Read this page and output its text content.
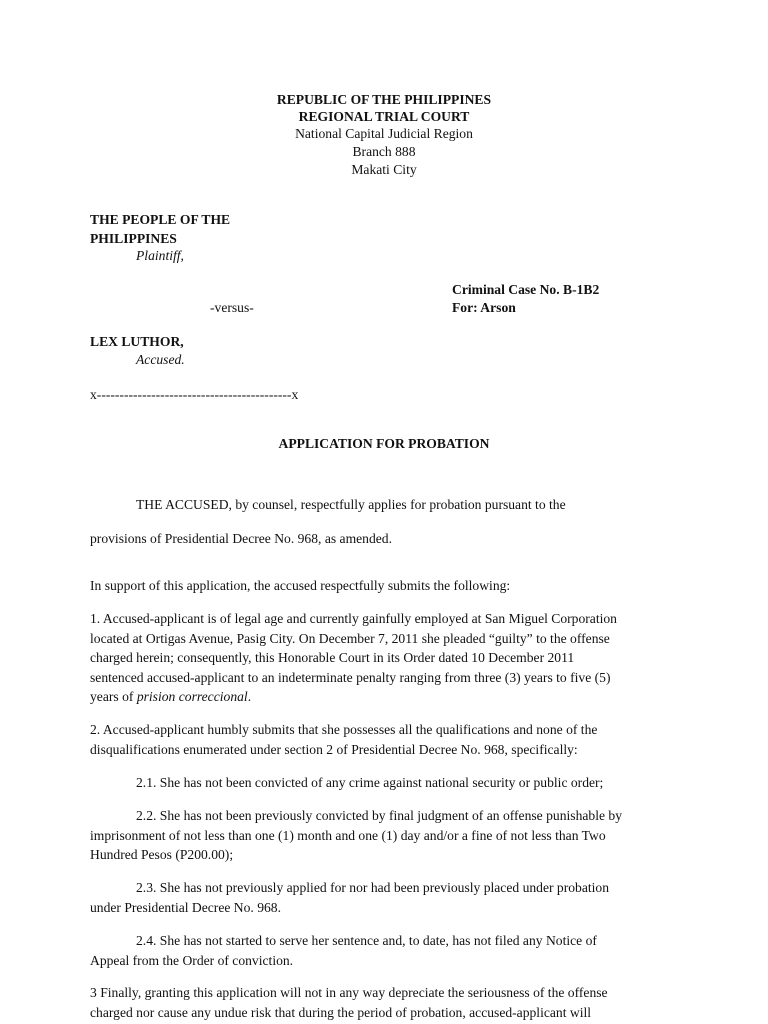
REPUBLIC OF THE PHILIPPINES
REGIONAL TRIAL COURT
National Capital Judicial Region
Branch 888
Makati City
THE PEOPLE OF THE
PHILIPPINES
Plaintiff,
Criminal Case No. B-1B2
-versus-	For: Arson
LEX LUTHOR,
Accused.
x-------------------------------------------x
APPLICATION FOR PROBATION
THE ACCUSED, by counsel, respectfully applies for probation pursuant to the
provisions of Presidential Decree No. 968, as amended.
In support of this application, the accused respectfully submits the following:
1. Accused-applicant is of legal age and currently gainfully employed at San Miguel Corporation
located at Ortigas Avenue, Pasig City. On December 7, 2011 she pleaded “guilty” to the offense
charged herein; consequently, this Honorable Court in its Order dated 10 December 2011
sentenced accused-applicant to an indeterminate penalty ranging from three (3) years to five (5)
years of prision correccional.
2. Accused-applicant humbly submits that she possesses all the qualifications and none of the
disqualifications enumerated under section 2 of Presidential Decree No. 968, specifically:
2.1. She has not been convicted of any crime against national security or public order;
2.2. She has not been previously convicted by final judgment of an offense punishable by
imprisonment of not less than one (1) month and one (1) day and/or a fine of not less than Two
Hundred Pesos (P200.00);
2.3. She has not previously applied for nor had been previously placed under probation
under Presidential Decree No. 968.
2.4. She has not started to serve her sentence and, to date, has not filed any Notice of
Appeal from the Order of conviction.
3 Finally, granting this application will not in any way depreciate the seriousness of the offense
charged nor cause any undue risk that during the period of probation, accused-applicant will
